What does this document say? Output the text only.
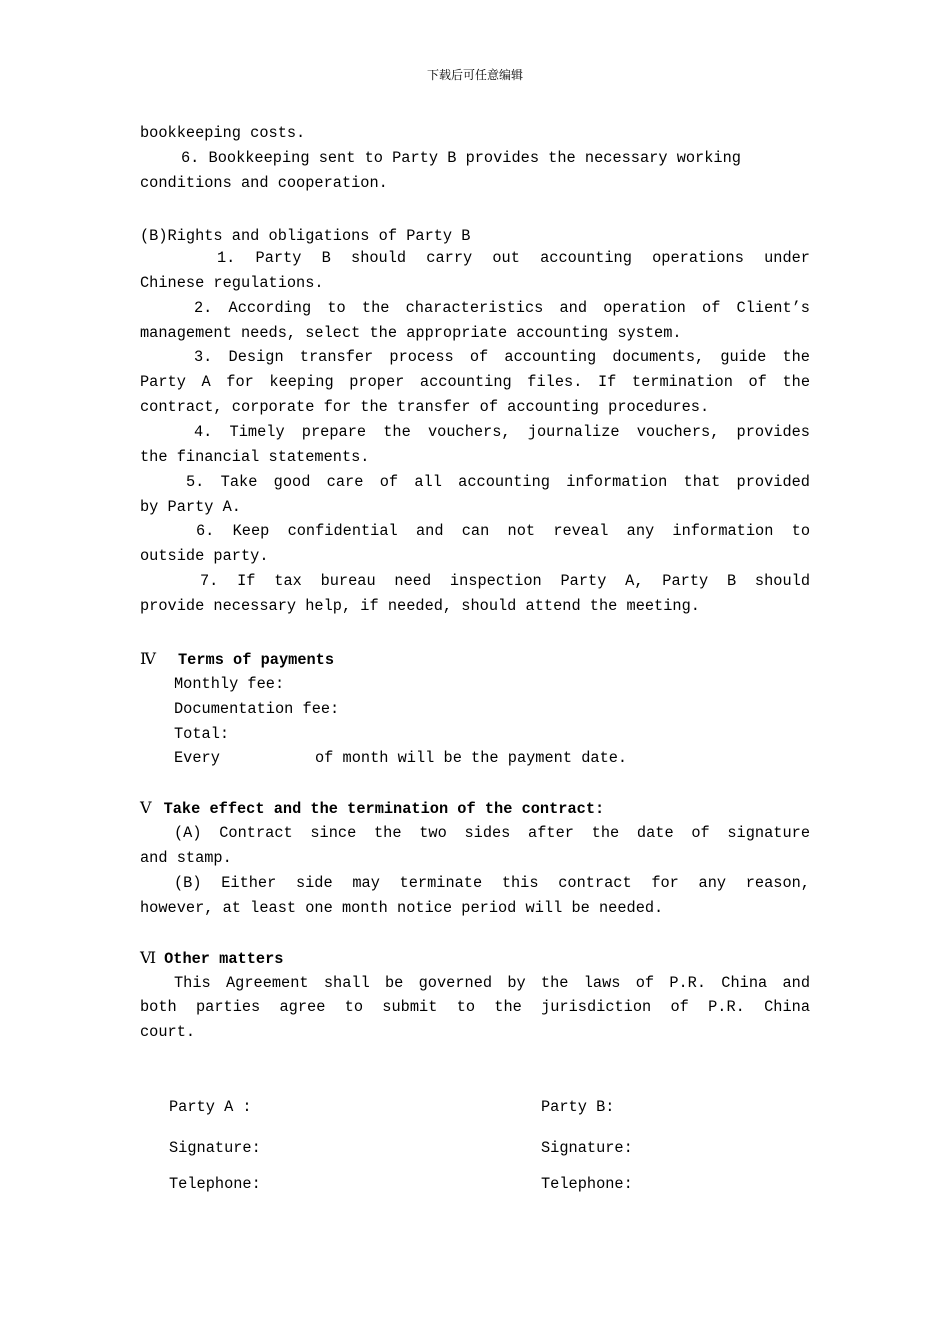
下载后可任意编辑
bookkeeping costs.
6. Bookkeeping sent to Party B provides the necessary working
conditions and cooperation.
(B)Rights and obligations of Party B
1. Party B should carry out accounting operations under
Chinese regulations.
2. According to the characteristics and operation of Client’s
management needs, select the appropriate accounting system.
3. Design transfer process of accounting documents, guide the
Party A for keeping proper accounting files. If termination of the
contract, corporate for the transfer of accounting procedures.
4. Timely prepare the vouchers, journalize vouchers, provides
the financial statements.
5. Take good care of all accounting information that provided
by Party A.
6. Keep confidential and can not reveal any information to
outside party.
7. If tax bureau need inspection Party A, Party B should
provide necessary help, if needed, should attend the meeting.
Ⅳ Terms of payments
Monthly fee:
Documentation fee:
Total:
Every	of month will be the payment date.
Ⅴ Take effect and the termination of the contract:
(A) Contract since the two sides after the date of signature
and stamp.
(B) Either side may terminate this contract for any reason,
however, at least one month notice period will be needed.
Ⅵ Other matters
This Agreement shall be governed by the laws of P.R. China and
both parties agree to submit to the jurisdiction of P.R. China
court.
Party A :	Party B:
Signature:	Signature:
Telephone:	Telephone:
